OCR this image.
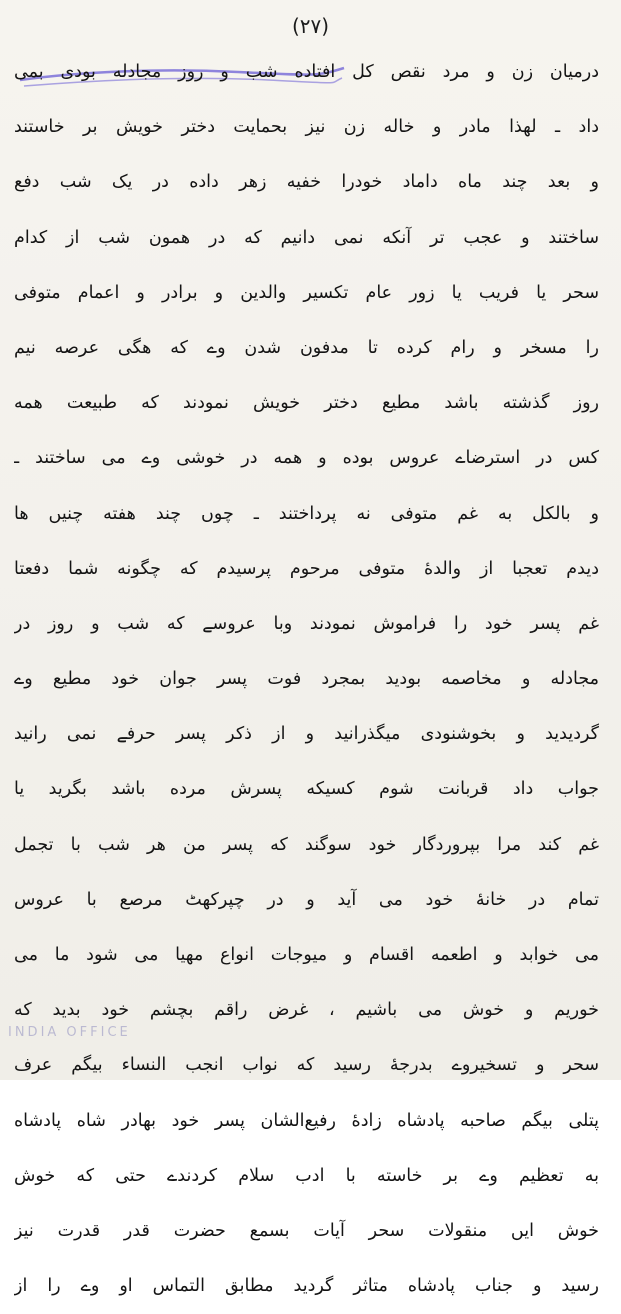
(۲۷)
درمیان زن و مرد نقص کل افتاده شب و روز مجادله بودی بمی
داد ـ لهذا مادر و خاله زن نیز بحمایت دختر خویش بر خاستند
و بعد چند ماه داماد خودرا خفیه زهر داده در یک شب دفع
ساختند و عجب تر آنکه نمی دانیم که در همون شب از کدام
سحر یا فریب یا زور عام تکسیر والدین و برادر و اعمام متوفی
را مسخر و رام کرده تا مدفون شدن وے که هگی عرصه نیم
روز گذشته باشد مطیع دختر خویش نمودند که طبیعت همه
کس در استرضاے عروس بوده و همه در خوشی وے می ساختند ـ
و بالکل به غم متوفی نه پرداختند ـ چوں چند هفته چنیں ها
دیدم تعجبا از والدهٔ متوفی مرحوم پرسیدم که چگونه شما دفعتا
غم پسر خود را فراموش نمودند وبا عروسے که شب و روز در
مجادله و مخاصمه بودید بمجرد فوت پسر جوان خود مطیع وے
گردیدید و بخوشنودی میگذرانید و از ذکر پسر حرفے نمی رانید
جواب داد قربانت شوم کسیکه پسرش مرده باشد بگرید یا
غم کند مرا بپروردگار خود سوگند که پسر من هر شب با تجمل
تمام در خانهٔ خود می آید و در چپرکهٹ مرصع با عروس
می خوابد و اطعمه اقسام و میوجات انواع مهیا می شود ما می
خوریم و خوش می باشیم ، غرض راقم بچشم خود بدید که
سحر و تسخیروے بدرجهٔ رسید که نواب انجب النساء بیگم عرف
پتلی بیگم صاحبه پادشاه زادهٔ رفیع‌الشان پسر خود بهادر شاه پادشاه
به تعظیم وے بر خاسته با ادب سلام کردندے حتی که خوش
خوش ایں منقولات سحر آیات بسمع حضرت قدر قدرت نیز
رسید و جناب پادشاه متاثر گردید مطابق التماس او وے را از
INDIA OFFICE
